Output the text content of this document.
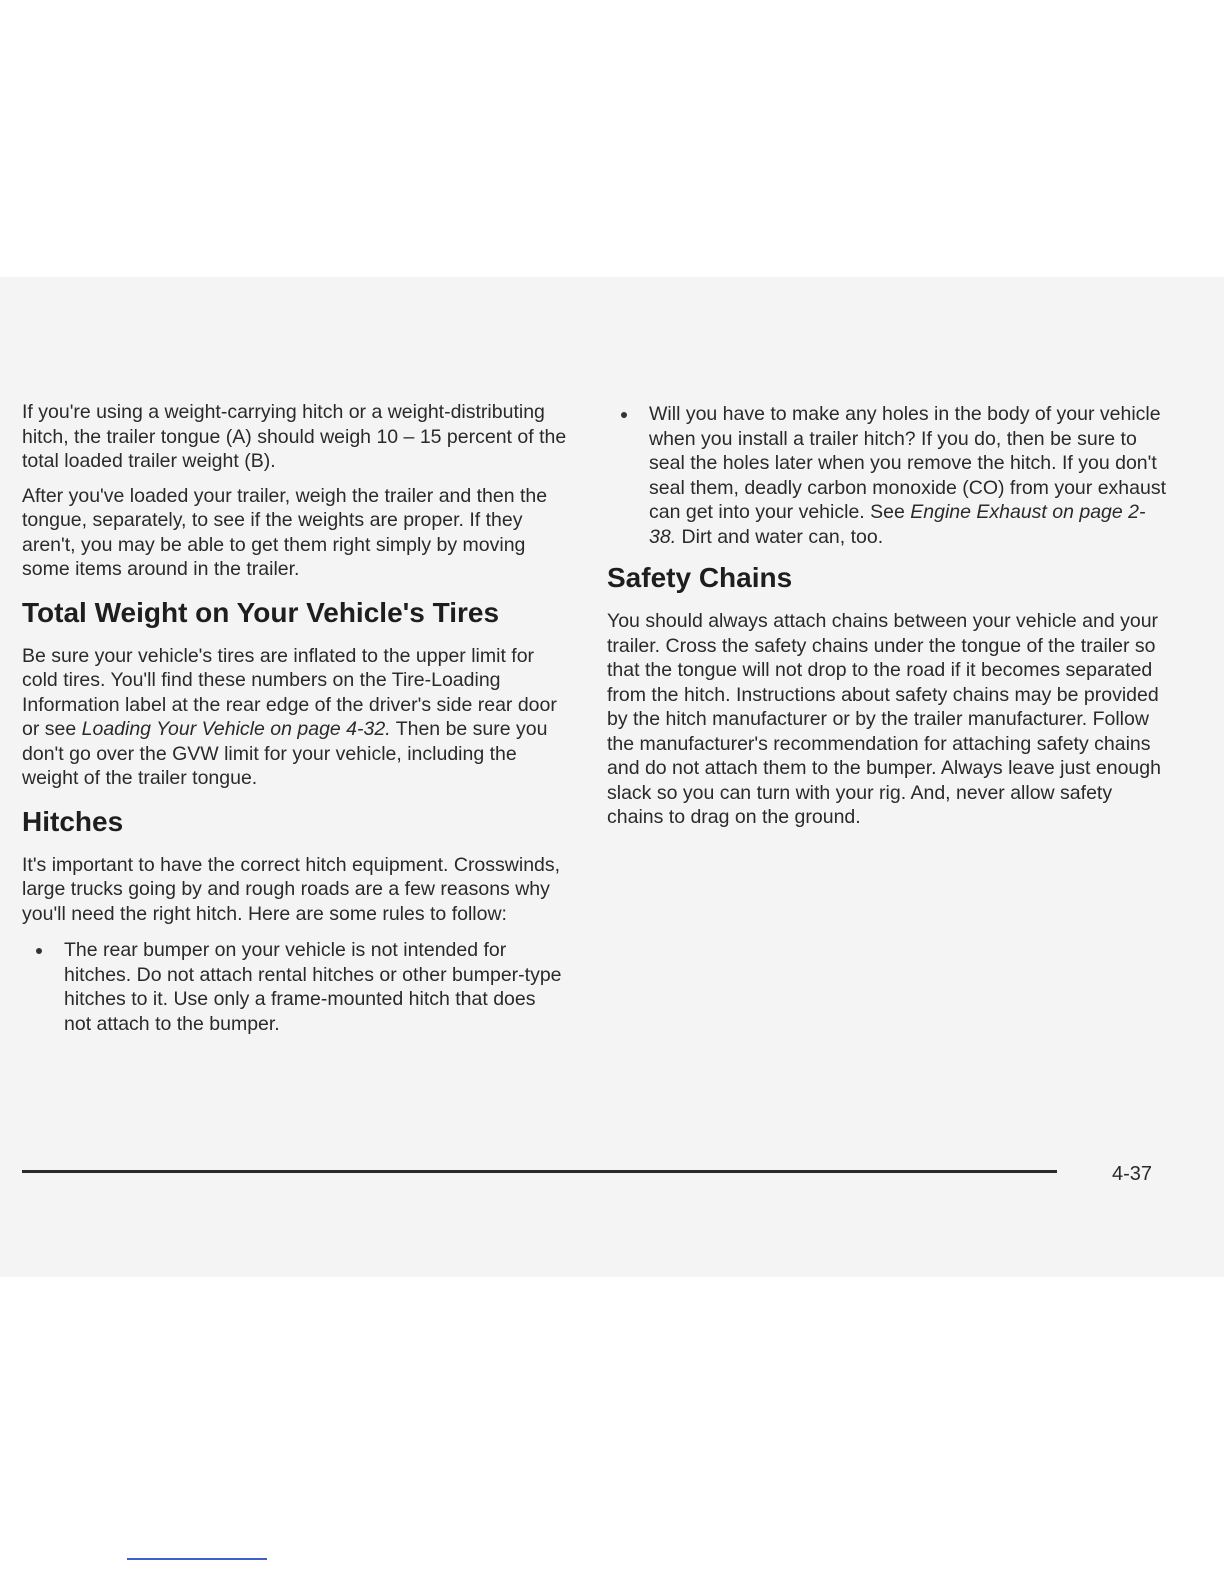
If you're using a weight-carrying hitch or a weight-distributing hitch, the trailer tongue (A) should weigh 10 – 15 percent of the total loaded trailer weight (B).

After you've loaded your trailer, weigh the trailer and then the tongue, separately, to see if the weights are proper. If they aren't, you may be able to get them right simply by moving some items around in the trailer.

Total Weight on Your Vehicle's Tires

Be sure your vehicle's tires are inflated to the upper limit for cold tires. You'll find these numbers on the Tire-Loading Information label at the rear edge of the driver's side rear door or see Loading Your Vehicle on page 4-32. Then be sure you don't go over the GVW limit for your vehicle, including the weight of the trailer tongue.

Hitches

It's important to have the correct hitch equipment. Crosswinds, large trucks going by and rough roads are a few reasons why you'll need the right hitch. Here are some rules to follow:

The rear bumper on your vehicle is not intended for hitches. Do not attach rental hitches or other bumper-type hitches to it. Use only a frame-mounted hitch that does not attach to the bumper.
Will you have to make any holes in the body of your vehicle when you install a trailer hitch? If you do, then be sure to seal the holes later when you remove the hitch. If you don't seal them, deadly carbon monoxide (CO) from your exhaust can get into your vehicle. See Engine Exhaust on page 2-38. Dirt and water can, too.
Safety Chains

You should always attach chains between your vehicle and your trailer. Cross the safety chains under the tongue of the trailer so that the tongue will not drop to the road if it becomes separated from the hitch. Instructions about safety chains may be provided by the hitch manufacturer or by the trailer manufacturer. Follow the manufacturer's recommendation for attaching safety chains and do not attach them to the bumper. Always leave just enough slack so you can turn with your rig. And, never allow safety chains to drag on the ground.

4-37
